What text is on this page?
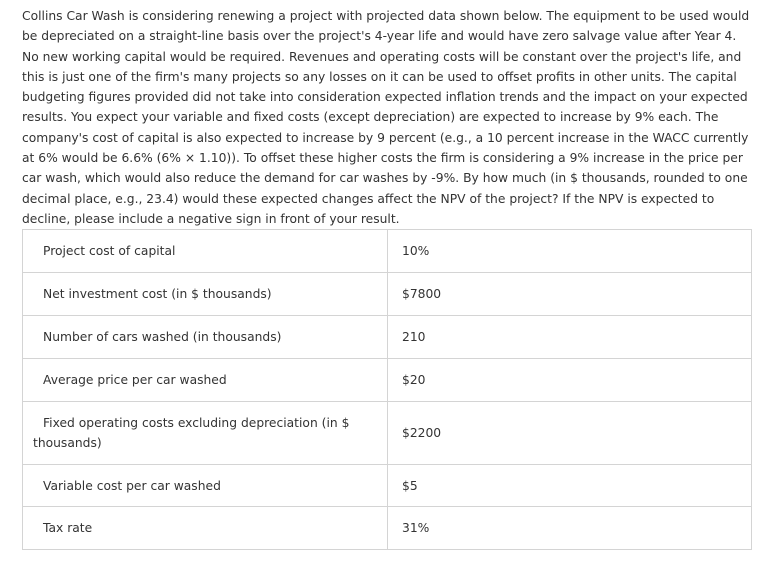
Collins Car Wash is considering renewing a project with projected data shown below. The equipment to be used would be depreciated on a straight-line basis over the project's 4-year life and would have zero salvage value after Year 4. No new working capital would be required. Revenues and operating costs will be constant over the project's life, and this is just one of the firm's many projects so any losses on it can be used to offset profits in other units. The capital budgeting figures provided did not take into consideration expected inflation trends and the impact on your expected results. You expect your variable and fixed costs (except depreciation) are expected to increase by 9% each. The company's cost of capital is also expected to increase by 9 percent (e.g., a 10 percent increase in the WACC currently at 6% would be 6.6% (6% × 1.10)). To offset these higher costs the firm is considering a 9% increase in the price per car wash, which would also reduce the demand for car washes by -9%. By how much (in $ thousands, rounded to one decimal place, e.g., 23.4) would these expected changes affect the NPV of the project? If the NPV is expected to decline, please include a negative sign in front of your result.

Project cost of capital	10%
Net investment cost (in $ thousands)	$7800
Number of cars washed (in thousands)	210
Average price per car washed	$20

Fixed operating costs excluding depreciation (in $ thousands)	$2200
Variable cost per car washed	$5
Tax rate	31%
